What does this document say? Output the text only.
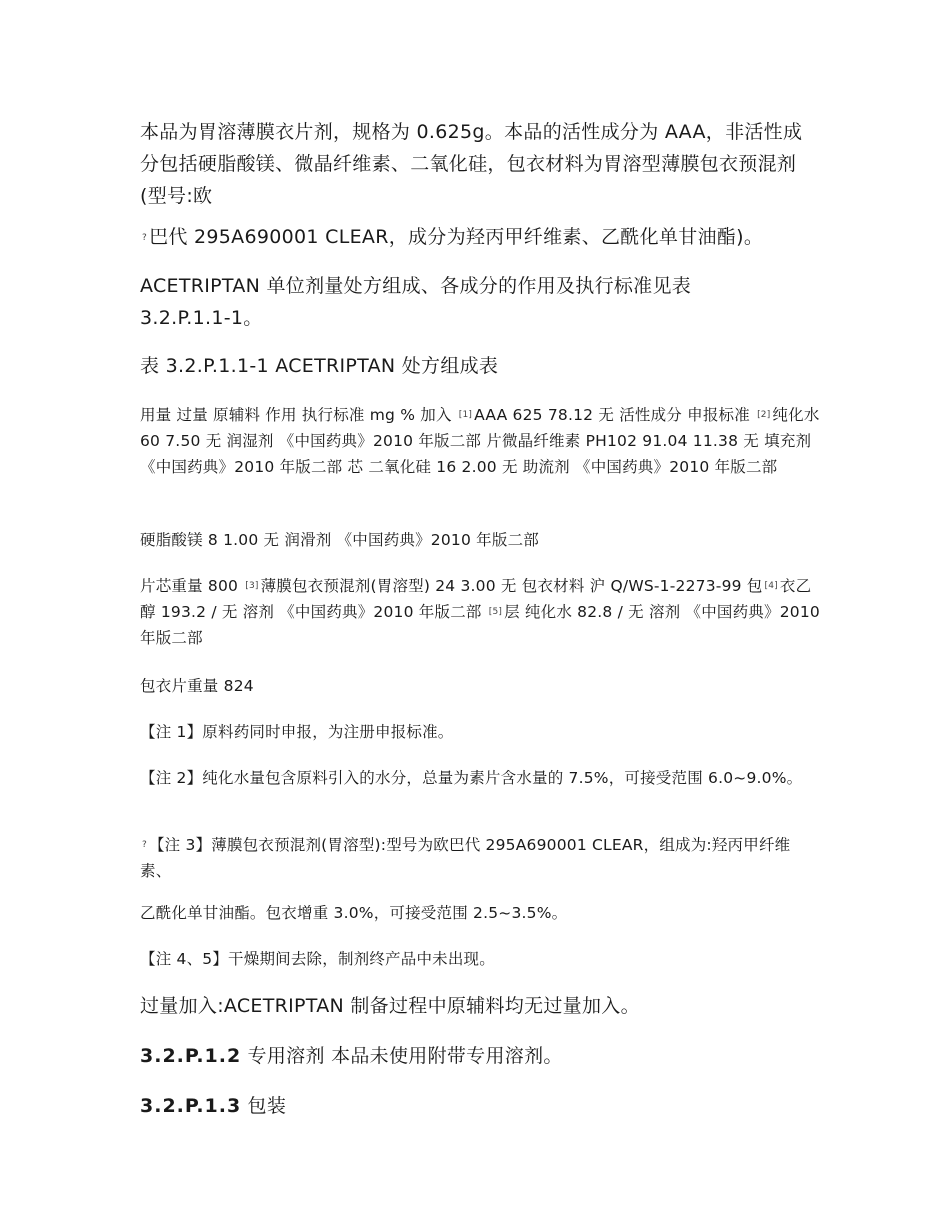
本品为胃溶薄膜衣片剂，规格为 0.625g。本品的活性成分为 AAA，非活性成分包括硬脂酸镁、微晶纤维素、二氧化硅，包衣材料为胃溶型薄膜包衣预混剂(型号:欧

? 巴代 295A690001 CLEAR，成分为羟丙甲纤维素、乙酰化单甘油酯)。

ACETRIPTAN 单位剂量处方组成、各成分的作用及执行标准见表 3.2.P.1.1-1。

表 3.2.P.1.1-1 ACETRIPTAN 处方组成表

用量 过量 原辅料 作用 执行标准 mg % 加入 [1] AAA 625 78.12 无 活性成分 申报标准 [2] 纯化水 60 7.50 无 润湿剂 《中国药典》2010 年版二部 片微晶纤维素 PH102 91.04 11.38 无 填充剂 《中国药典》2010 年版二部 芯 二氧化硅 16 2.00 无 助流剂 《中国药典》2010 年版二部

硬脂酸镁 8 1.00 无 润滑剂 《中国药典》2010 年版二部

片芯重量 800 [3] 薄膜包衣预混剂(胃溶型) 24 3.00 无 包衣材料 沪 Q/WS-1-2273-99 包 [4] 衣乙醇 193.2 / 无 溶剂 《中国药典》2010 年版二部 [5] 层 纯化水 82.8 / 无 溶剂 《中国药典》2010 年版二部

包衣片重量 824

【注 1】原料药同时申报，为注册申报标准。

【注 2】纯化水量包含原料引入的水分，总量为素片含水量的 7.5%，可接受范围 6.0~9.0%。

? 【注 3】薄膜包衣预混剂(胃溶型):型号为欧巴代 295A690001 CLEAR，组成为:羟丙甲纤维素、

乙酰化单甘油酯。包衣增重 3.0%，可接受范围 2.5~3.5%。

【注 4、5】干燥期间去除，制剂终产品中未出现。

过量加入:ACETRIPTAN 制备过程中原辅料均无过量加入。

3.2.P.1.2 专用溶剂 本品未使用附带专用溶剂。

3.2.P.1.3 包装
